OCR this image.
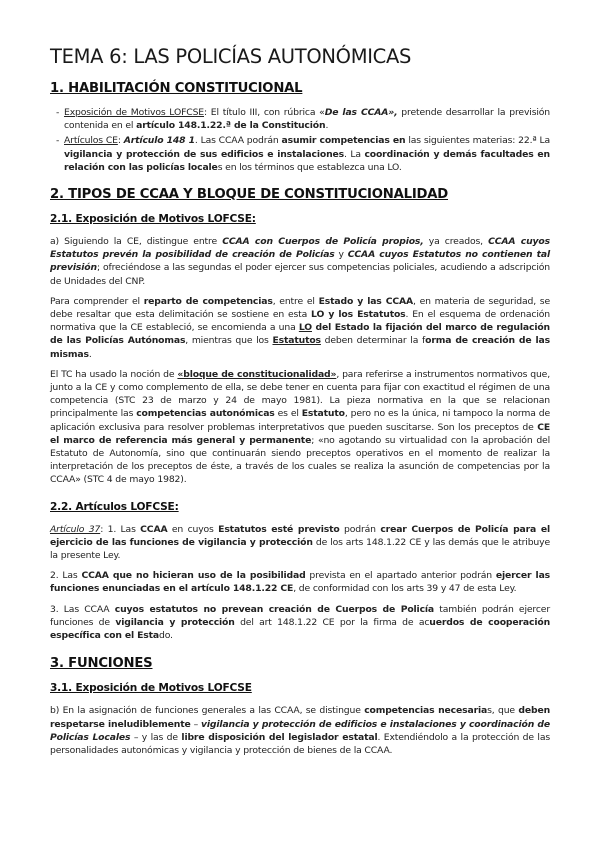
TEMA 6: LAS POLICÍAS AUTONÓMICAS
1. HABILITACIÓN CONSTITUCIONAL
- Exposición de Motivos LOFCSE: El título III, con rúbrica «De las CCAA», pretende desarrollar la previsión contenida en el artículo 148.1.22.ª de la Constitución.
- Artículos CE: Artículo 148 1. Las CCAA podrán asumir competencias en las siguientes materias: 22.ª La vigilancia y protección de sus edificios e instalaciones. La coordinación y demás facultades en relación con las policías locales en los términos que establezca una LO.
2. TIPOS DE CCAA Y BLOQUE DE CONSTITUCIONALIDAD
2.1. Exposición de Motivos LOFCSE:

a) Siguiendo la CE, distingue entre CCAA con Cuerpos de Policía propios, ya creados, CCAA cuyos Estatutos prevén la posibilidad de creación de Policías y CCAA cuyos Estatutos no contienen tal previsión; ofreciéndose a las segundas el poder ejercer sus competencias policiales, acudiendo a adscripción de Unidades del CNP.

Para comprender el reparto de competencias, entre el Estado y las CCAA, en materia de seguridad, se debe resaltar que esta delimitación se sostiene en esta LO y los Estatutos. En el esquema de ordenación normativa que la CE estableció, se encomienda a una LO del Estado la fijación del marco de regulación de las Policías Autónomas, mientras que los Estatutos deben determinar la forma de creación de las mismas.

El TC ha usado la noción de «bloque de constitucionalidad», para referirse a instrumentos normativos que, junto a la CE y como complemento de ella, se debe tener en cuenta para fijar con exactitud el régimen de una competencia (STC 23 de marzo y 24 de mayo 1981). La pieza normativa en la que se relacionan principalmente las competencias autonómicas es el Estatuto, pero no es la única, ni tampoco la norma de aplicación exclusiva para resolver problemas interpretativos que pueden suscitarse. Son los preceptos de CE el marco de referencia más general y permanente; «no agotando su virtualidad con la aprobación del Estatuto de Autonomía, sino que continuarán siendo preceptos operativos en el momento de realizar la interpretación de los preceptos de éste, a través de los cuales se realiza la asunción de competencias por la CCAA» (STC 4 de mayo 1982).

2.2. Artículos LOFCSE:

Artículo 37: 1. Las CCAA en cuyos Estatutos esté previsto podrán crear Cuerpos de Policía para el ejercicio de las funciones de vigilancia y protección de los arts 148.1.22 CE y las demás que le atribuye la presente Ley.

2. Las CCAA que no hicieran uso de la posibilidad prevista en el apartado anterior podrán ejercer las funciones enunciadas en el artículo 148.1.22 CE, de conformidad con los arts 39 y 47 de esta Ley.

3. Las CCAA cuyos estatutos no prevean creación de Cuerpos de Policía también podrán ejercer funciones de vigilancia y protección del art 148.1.22 CE por la firma de acuerdos de cooperación específica con el Estado.

3. FUNCIONES
3.1. Exposición de Motivos LOFCSE

b) En la asignación de funciones generales a las CCAA, se distingue competencias necesarias, que deben respetarse ineludiblemente – vigilancia y protección de edificios e instalaciones y coordinación de Policías Locales – y las de libre disposición del legislador estatal. Extendiéndolo a la protección de las personalidades autonómicas y vigilancia y protección de bienes de la CCAA.
